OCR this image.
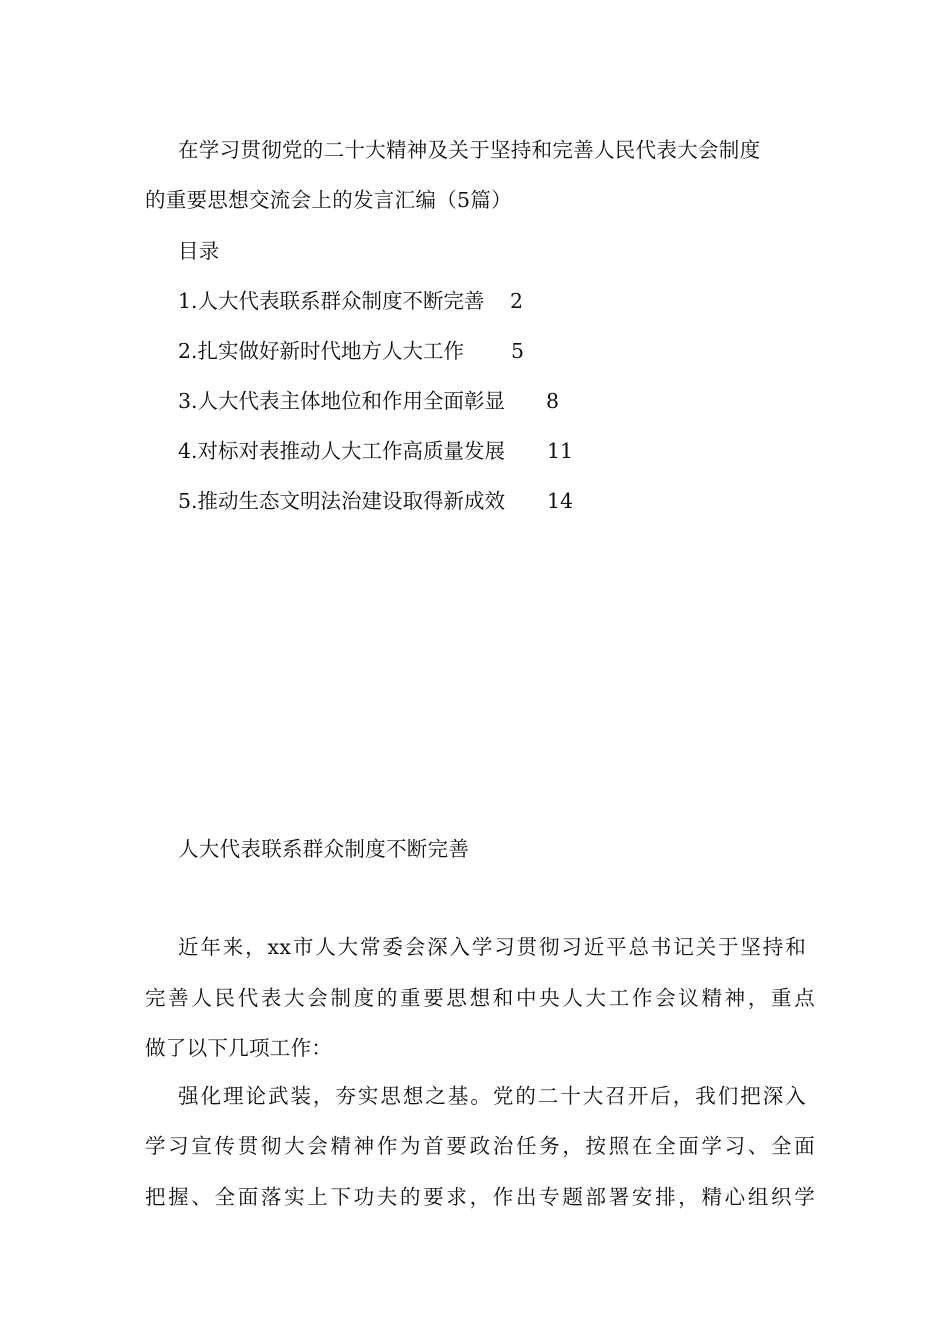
在学习贯彻党的二十大精神及关于坚持和完善人民代表大会制度
的重要思想交流会上的发言汇编（5篇）
目录
1.人大代表联系群众制度不断完善 2
2.扎实做好新时代地方人大工作 5
3.人大代表主体地位和作用全面彰显 8
4.对标对表推动人大工作高质量发展 11
5.推动生态文明法治建设取得新成效 14
人大代表联系群众制度不断完善
近年来，xx市人大常委会深入学习贯彻习近平总书记关于坚持和
完善人民代表大会制度的重要思想和中央人大工作会议精神，重点
做了以下几项工作：
强化理论武装，夯实思想之基。党的二十大召开后，我们把深入
学习宣传贯彻大会精神作为首要政治任务，按照在全面学习、全面
把握、全面落实上下功夫的要求，作出专题部署安排，精心组织学
